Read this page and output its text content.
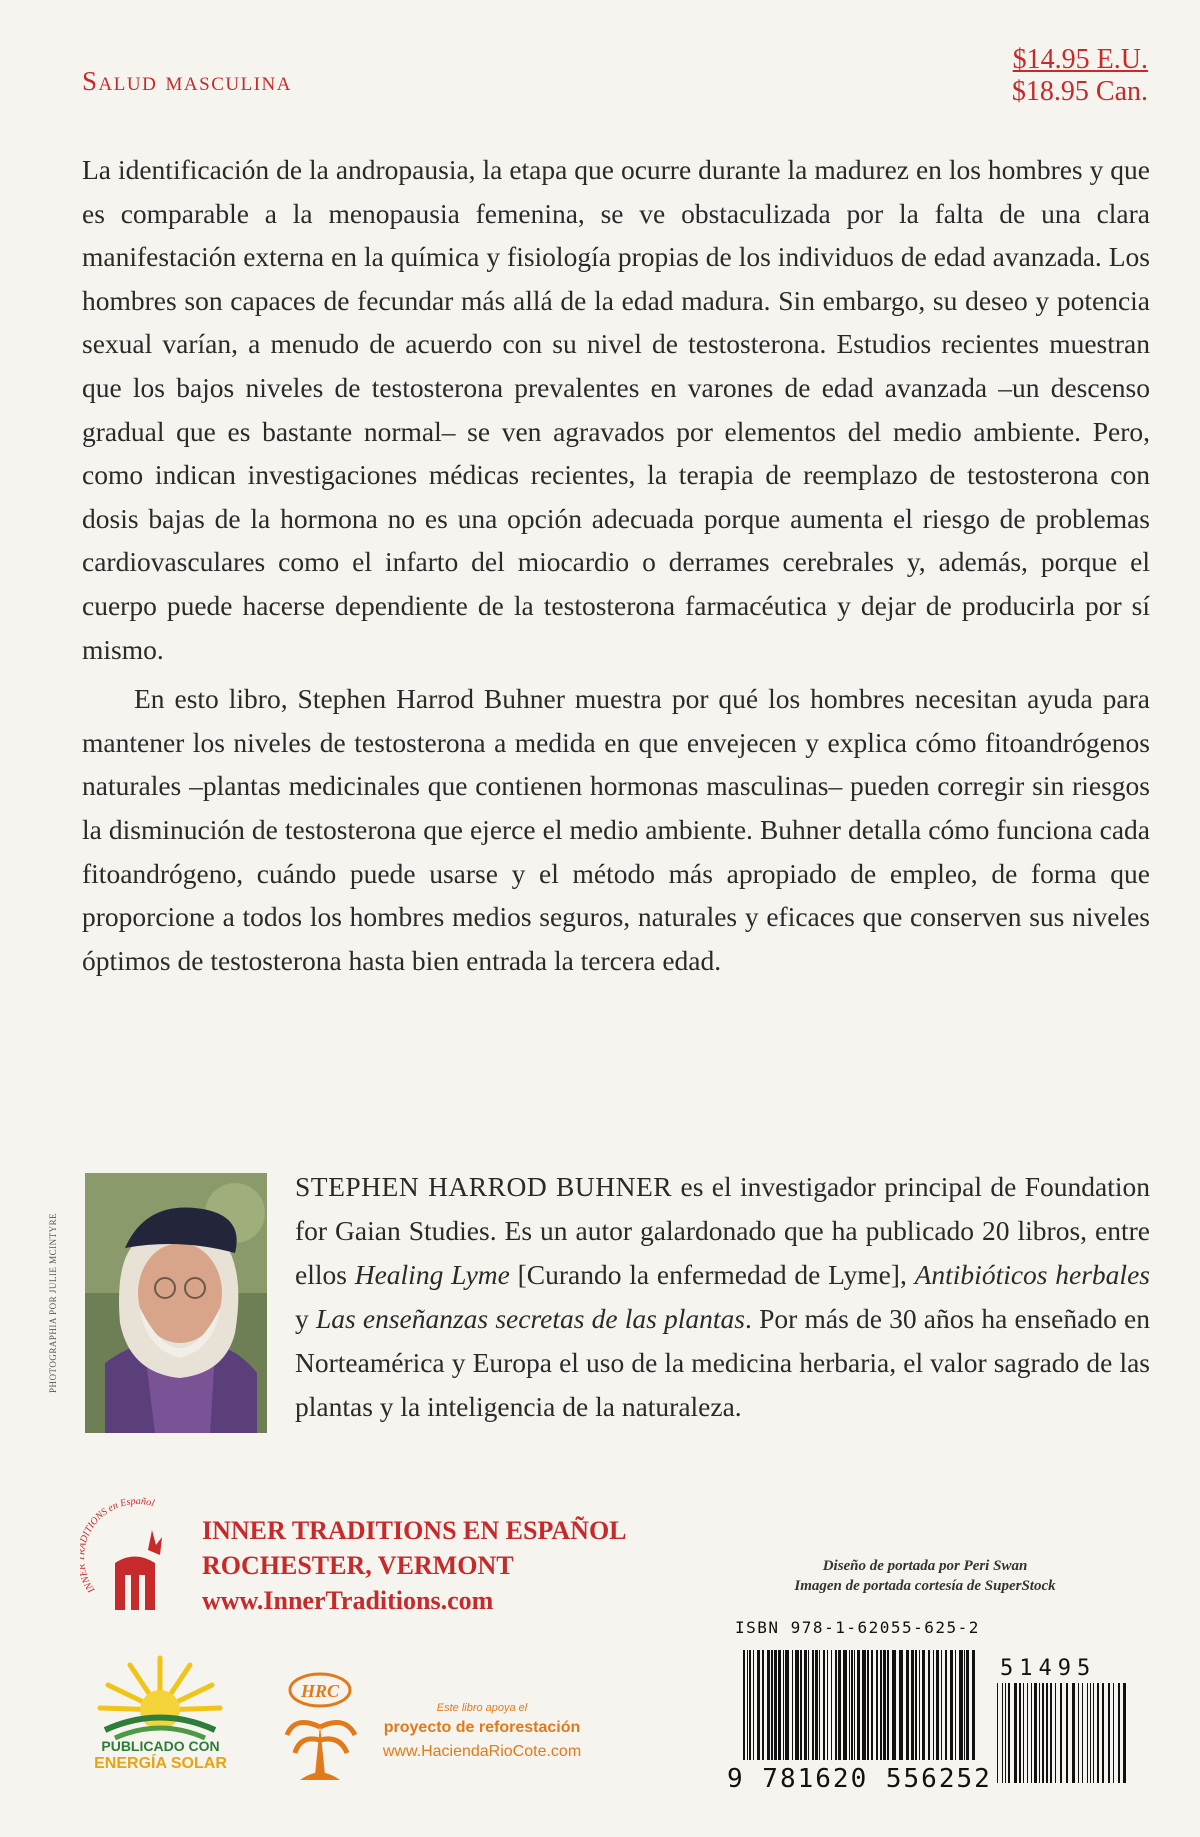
Salud masculina
$14.95 E.U.
$18.95 Can.

La identificación de la andropausia, la etapa que ocurre durante la madurez en los hombres y que es comparable a la menopausia femenina, se ve obstaculizada por la falta de una clara manifestación externa en la química y fisiología propias de los individuos de edad avanzada. Los hombres son capaces de fecundar más allá de la edad madura. Sin embargo, su deseo y potencia sexual varían, a menudo de acuerdo con su nivel de testosterona. Estudios recientes muestran que los bajos niveles de testosterona prevalentes en varones de edad avanzada –un descenso gradual que es bastante normal– se ven agravados por elementos del medio ambiente. Pero, como indican investigaciones médicas recientes, la terapia de reemplazo de testosterona con dosis bajas de la hormona no es una opción adecuada porque aumenta el riesgo de problemas cardiovasculares como el infarto del miocardio o derrames cerebrales y, además, porque el cuerpo puede hacerse dependiente de la testosterona farmacéutica y dejar de producirla por sí mismo.

En esto libro, Stephen Harrod Buhner muestra por qué los hombres necesitan ayuda para mantener los niveles de testosterona a medida en que envejecen y explica cómo fitoandrógenos naturales –plantas medicinales que contienen hormonas masculinas– pueden corregir sin riesgos la disminución de testosterona que ejerce el medio ambiente. Buhner detalla cómo funciona cada fitoandrógeno, cuándo puede usarse y el método más apropiado de empleo, de forma que proporcione a todos los hombres medios seguros, naturales y eficaces que conserven sus niveles óptimos de testosterona hasta bien entrada la tercera edad.

PHOTOGRAPHIA POR JULIE MCINTYRE
STEPHEN HARROD BUHNER es el investigador principal de Foundation for Gaian Studies. Es un autor galardonado que ha publicado 20 libros, entre ellos Healing Lyme [Curando la enfermedad de Lyme], Antibióticos herbales y Las enseñanzas secretas de las plantas. Por más de 30 años ha enseñado en Norteamérica y Europa el uso de la medicina herbaria, el valor sagrado de las plantas y la inteligencia de la naturaleza.
INN ITIONS en Español
INNER TRADITIONS EN ESPAÑOL
ROCHESTER, VERMONT
www.InnerTraditions.com
Diseño de portada por Peri Swan
Imagen de portada cortesía de SuperStock
ISBN 978-1-62055-625-2
51495
9 781620 556252
PUBLICADO CON
ENERGÍA SOLAR
HRC
Este libro apoya el
proyecto de reforestación
www.HaciendaRioCote.com
